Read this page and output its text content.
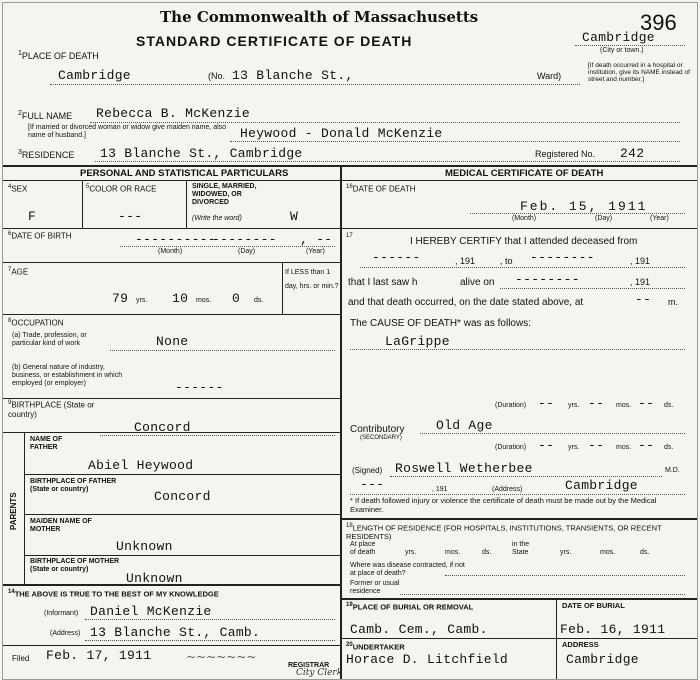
The Commonwealth of Massachusetts
STANDARD CERTIFICATE OF DEATH
396
Cambridge
(City or town.)
$^1$PLACE OF DEATH
Cambridge	(No. 13 Blanche St.,	Ward)
[If death occurred in a hospital or institution, give its NAME instead of street and number.]
$^2$FULL NAME Rebecca B. McKenzie
[If married or divorced woman or widow give maiden name, also name of husband.]	Heywood - Donald McKenzie
$^3$RESIDENCE 13 Blanche St., Cambridge	Registered No. 242
PERSONAL AND STATISTICAL PARTICULARS	MEDICAL CERTIFICATE OF DEATH
$^4$SEX
F
$^5$COLOR OR RACE
---
SINGLE, MARRIED, WIDOWED, OR DIVORCED
(Write the word)	W
$^6$DATE OF BIRTH	----------
-------- , --
(Month)	(Day)	(Year)
$^7$AGE
79 yrs. 10 mos. 0 ds.
If LESS than 1 day, hrs. or min.?
$^8$OCCUPATION
(a) Trade, profession, or particular kind of work	None
(b) General nature of industry, business, or establishment in which employed (or employer)	------
$^9$BIRTHPLACE (State or country)
Concord
PARENTS
NAME OF FATHER
Abiel Heywood
BIRTHPLACE OF FATHER (State or country)	Concord
MAIDEN NAME OF MOTHER
Unknown
BIRTHPLACE OF MOTHER (State or country)
Unknown
$^{14}$THE ABOVE IS TRUE TO THE BEST OF MY KNOWLEDGE
(Informant) Daniel McKenzie
(Address) 13 Blanche St., Camb.
Filed Feb. 17, 1911	~~~~~~~
REGISTRAR
City Clerk
$^{16}$DATE OF DEATH
Feb. 15, 1911
(Month)	(Day)	(Year)
17	I HEREBY CERTIFY that I attended deceased from
------	, 191	, to --------	, 191
that I last saw h	alive on --------	, 191
and that death occurred, on the date stated above, at	-- m.
The CAUSE OF DEATH* was as follows:
LaGrippe
(Duration) -- yrs. -- mos. -- ds.
Contributory
(SECONDARY)
Old Age
(Duration) -- yrs. -- mos. -- ds.
(Signed) Roswell Wetherbee	M.D.
---	, 191	(Address)	Cambridge
* If death followed injury or violence the certificate of death must be made out by the Medical Examiner.
$^{18}$LENGTH OF RESIDENCE (FOR HOSPITALS, INSTITUTIONS, TRANSIENTS, OR RECENT RESIDENTS)
At place of death	yrs.	mos.	ds.
in the State	yrs.	mos.	ds.
Where was disease contracted, if not at place of death?
Former or usual residence
$^{19}$PLACE OF BURIAL OR REMOVAL
Camb. Cem., Camb.
DATE OF BURIAL
Feb. 16, 1911
$^{20}$UNDERTAKER
Horace D. Litchfield
ADDRESS
Cambridge
